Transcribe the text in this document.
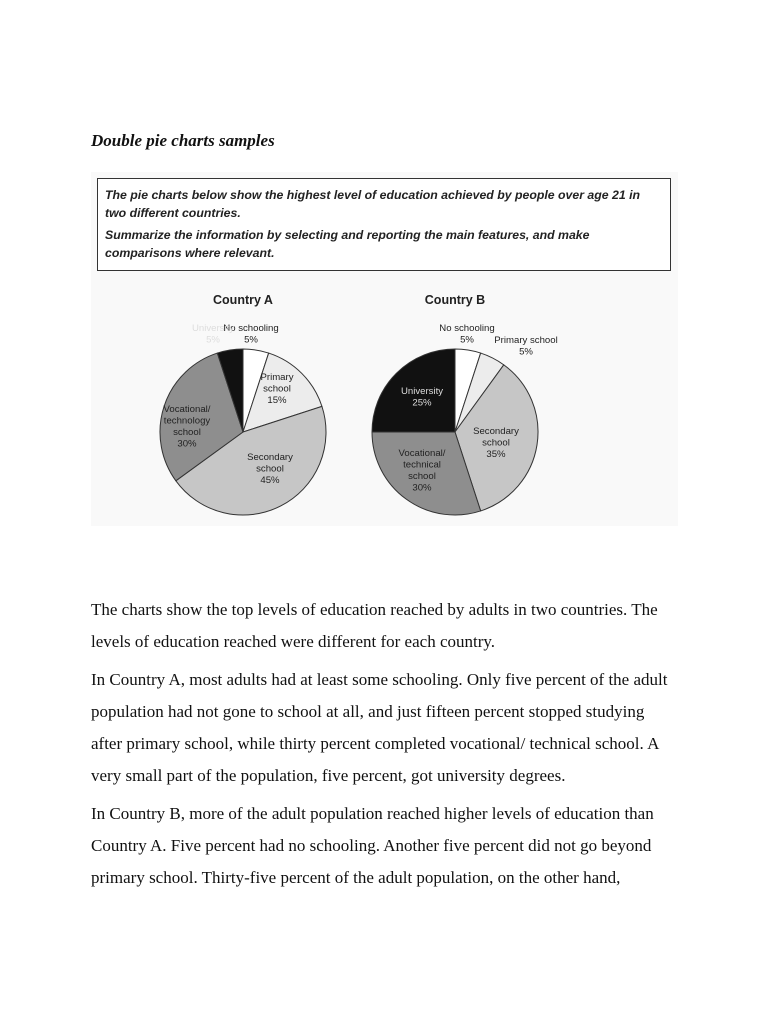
Double pie charts samples

The pie charts below show the highest level of education achieved by people over age 21 in two different countries.

Summarize the information by selecting and reporting the main features, and make comparisons where relevant.

Country A
No schooling 5%
Primary school 15%
Secondary school 45%
Vocational/ technology school 30%
University 5%
Country B
No schooling 5%	Primary school 5%
Secondary school 35%
Vocational/ technical school 30%
University 25%

The charts show the top levels of education reached by adults in two countries. The levels of education reached were different for each country.

In Country A, most adults had at least some schooling. Only five percent of the adult population had not gone to school at all, and just fifteen percent stopped studying after primary school, while thirty percent completed vocational/ technical school. A very small part of the population, five percent, got university degrees.

In Country B, more of the adult population reached higher levels of education than Country A. Five percent had no schooling. Another five percent did not go beyond primary school. Thirty-five percent of the adult population, on the other hand,
